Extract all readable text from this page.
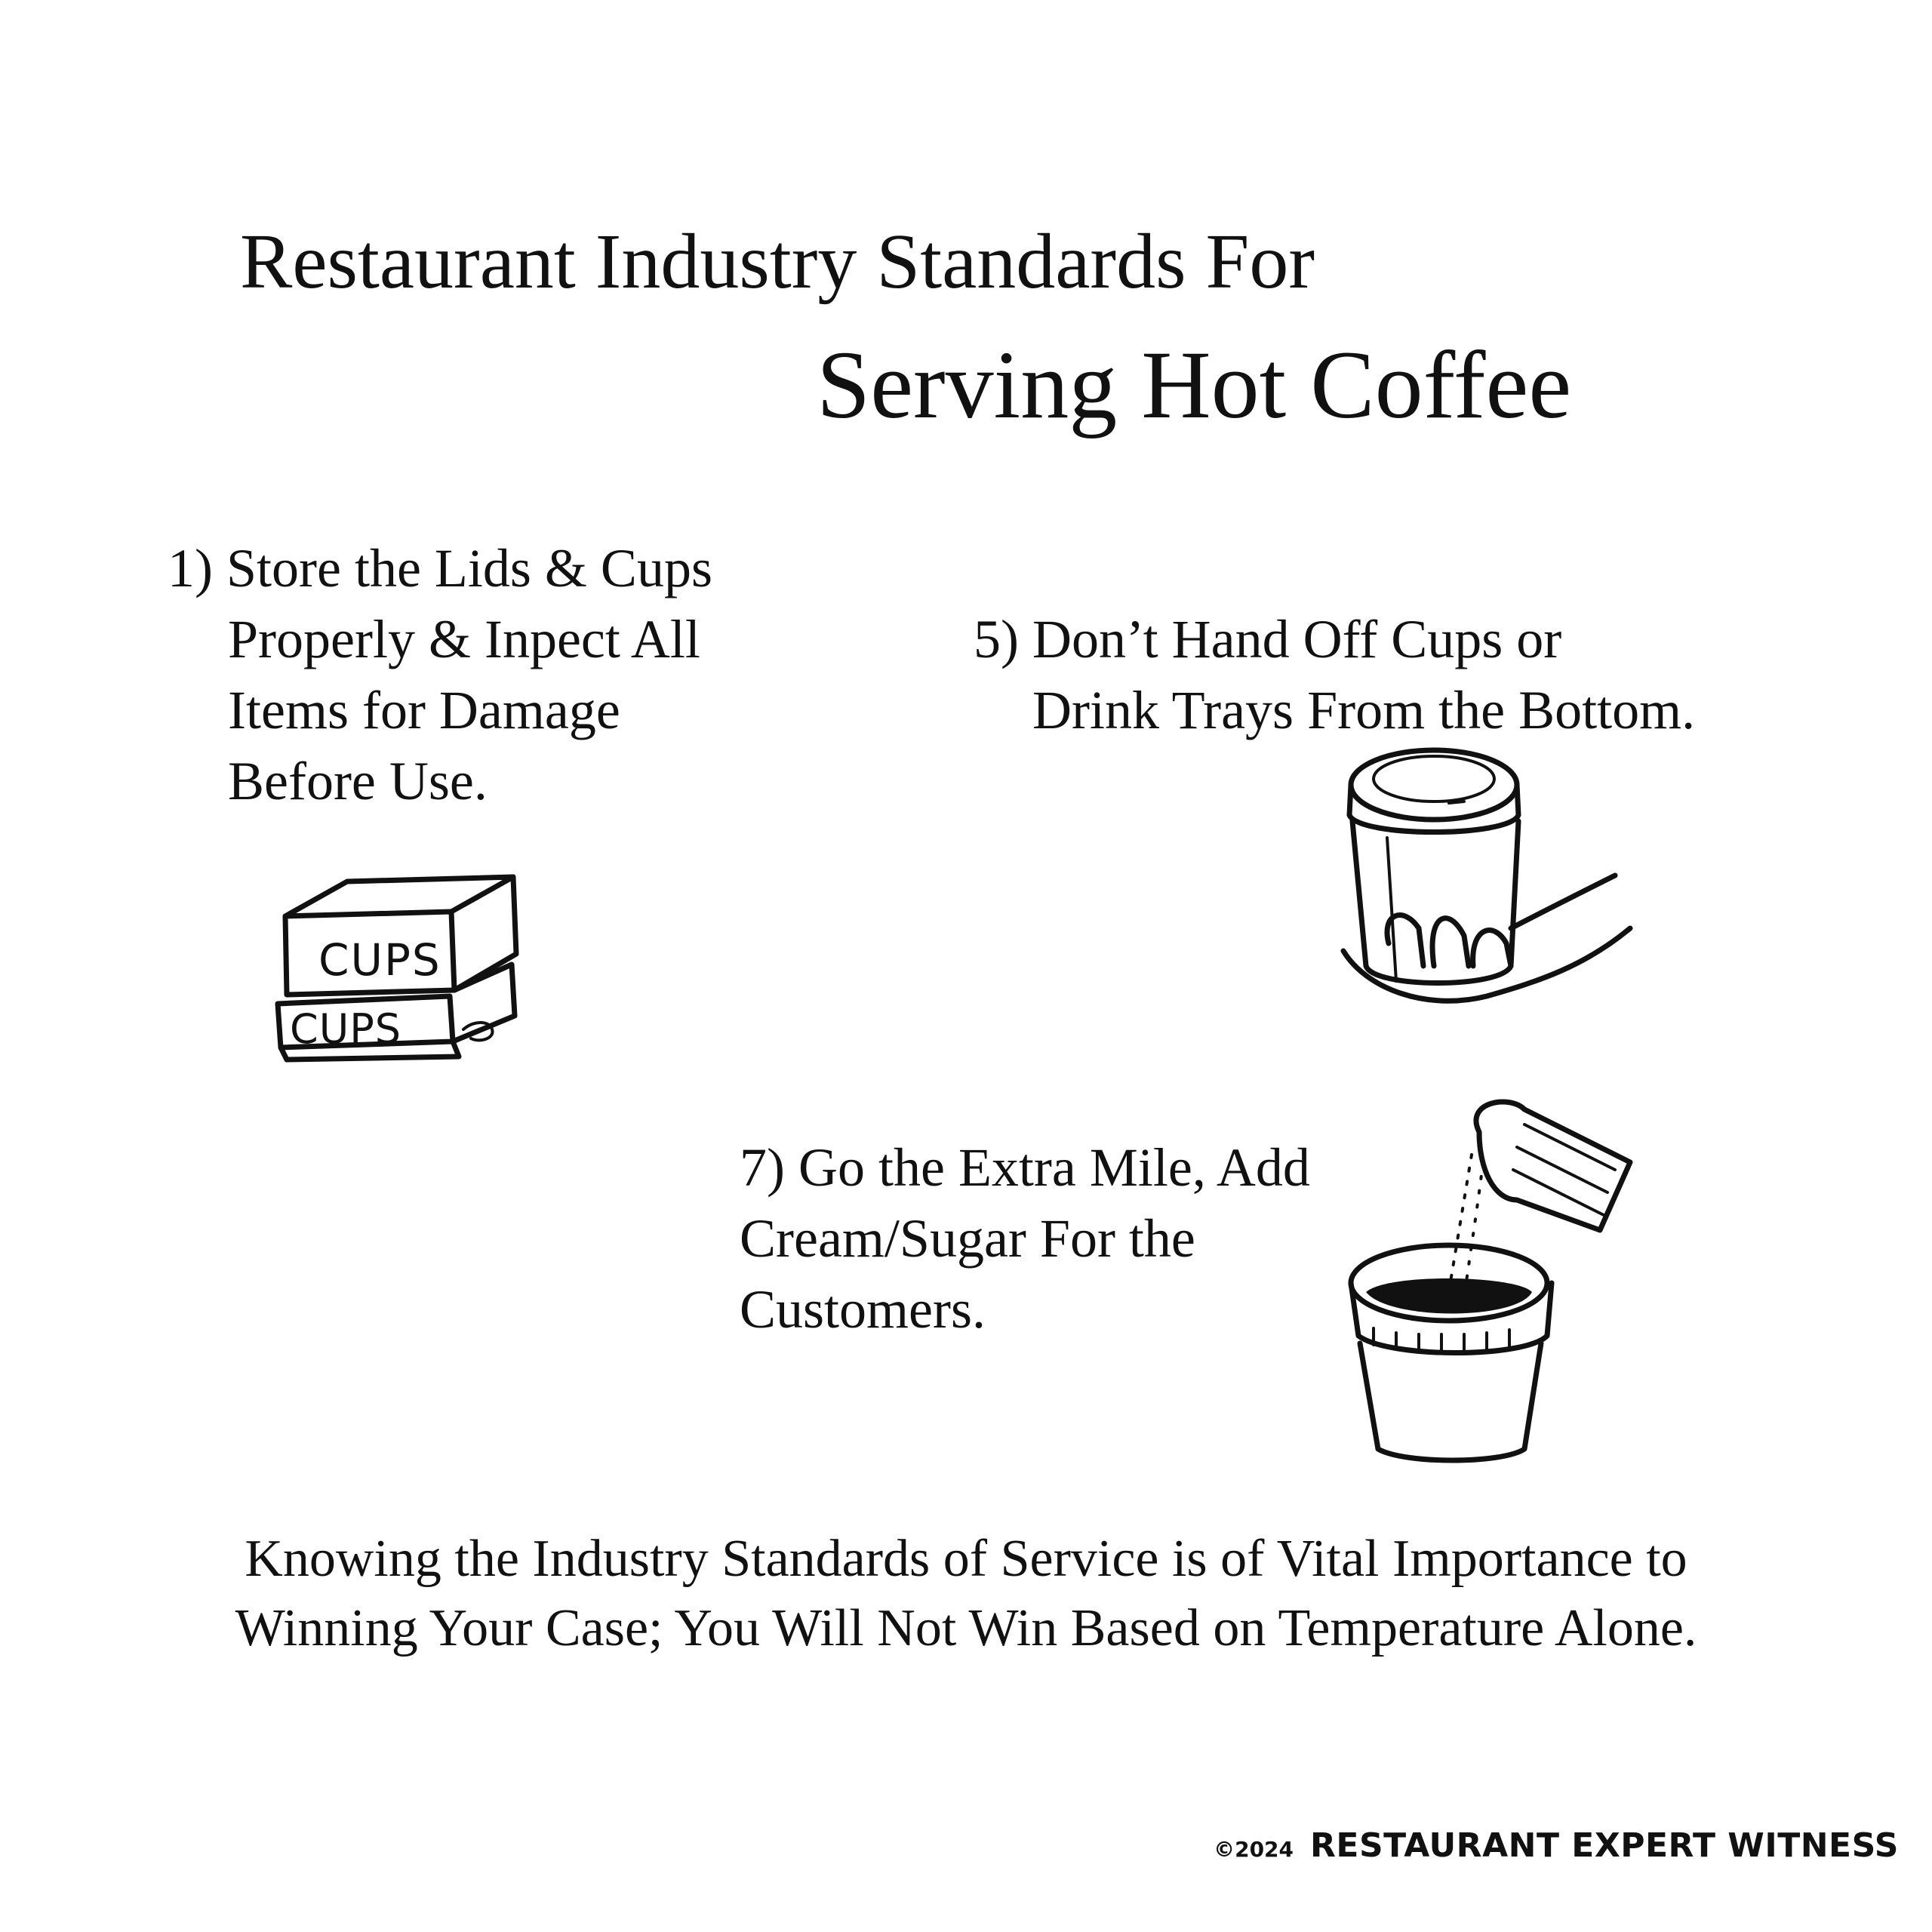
Restaurant Industry Standards For
Serving Hot Coffee
1) Store the Lids & Cups
Properly & Inpect All
Items for Damage
Before Use.
5) Don’t Hand Off Cups or
Drink Trays From the Bottom.
7) Go the Extra Mile, Add
Cream/Sugar For the
Customers.
CUPS
CUPS
Knowing the Industry Standards of Service is of Vital Importance to
Winning Your Case; You Will Not Win Based on Temperature Alone.
©2024 RESTAURANT EXPERT WITNESS
